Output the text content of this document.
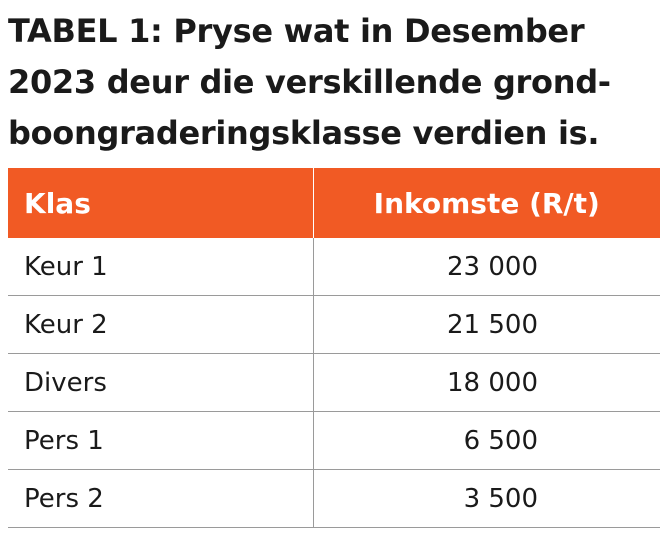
TABEL 1: Pryse wat in Desember
2023 deur die verskillende grond-
boongraderingsklasse verdien is.
Klas	Inkomste (R/t)
Keur 1	23 000
Keur 2	21 500
Divers	18 000
Pers 1	6 500
Pers 2	3 500
